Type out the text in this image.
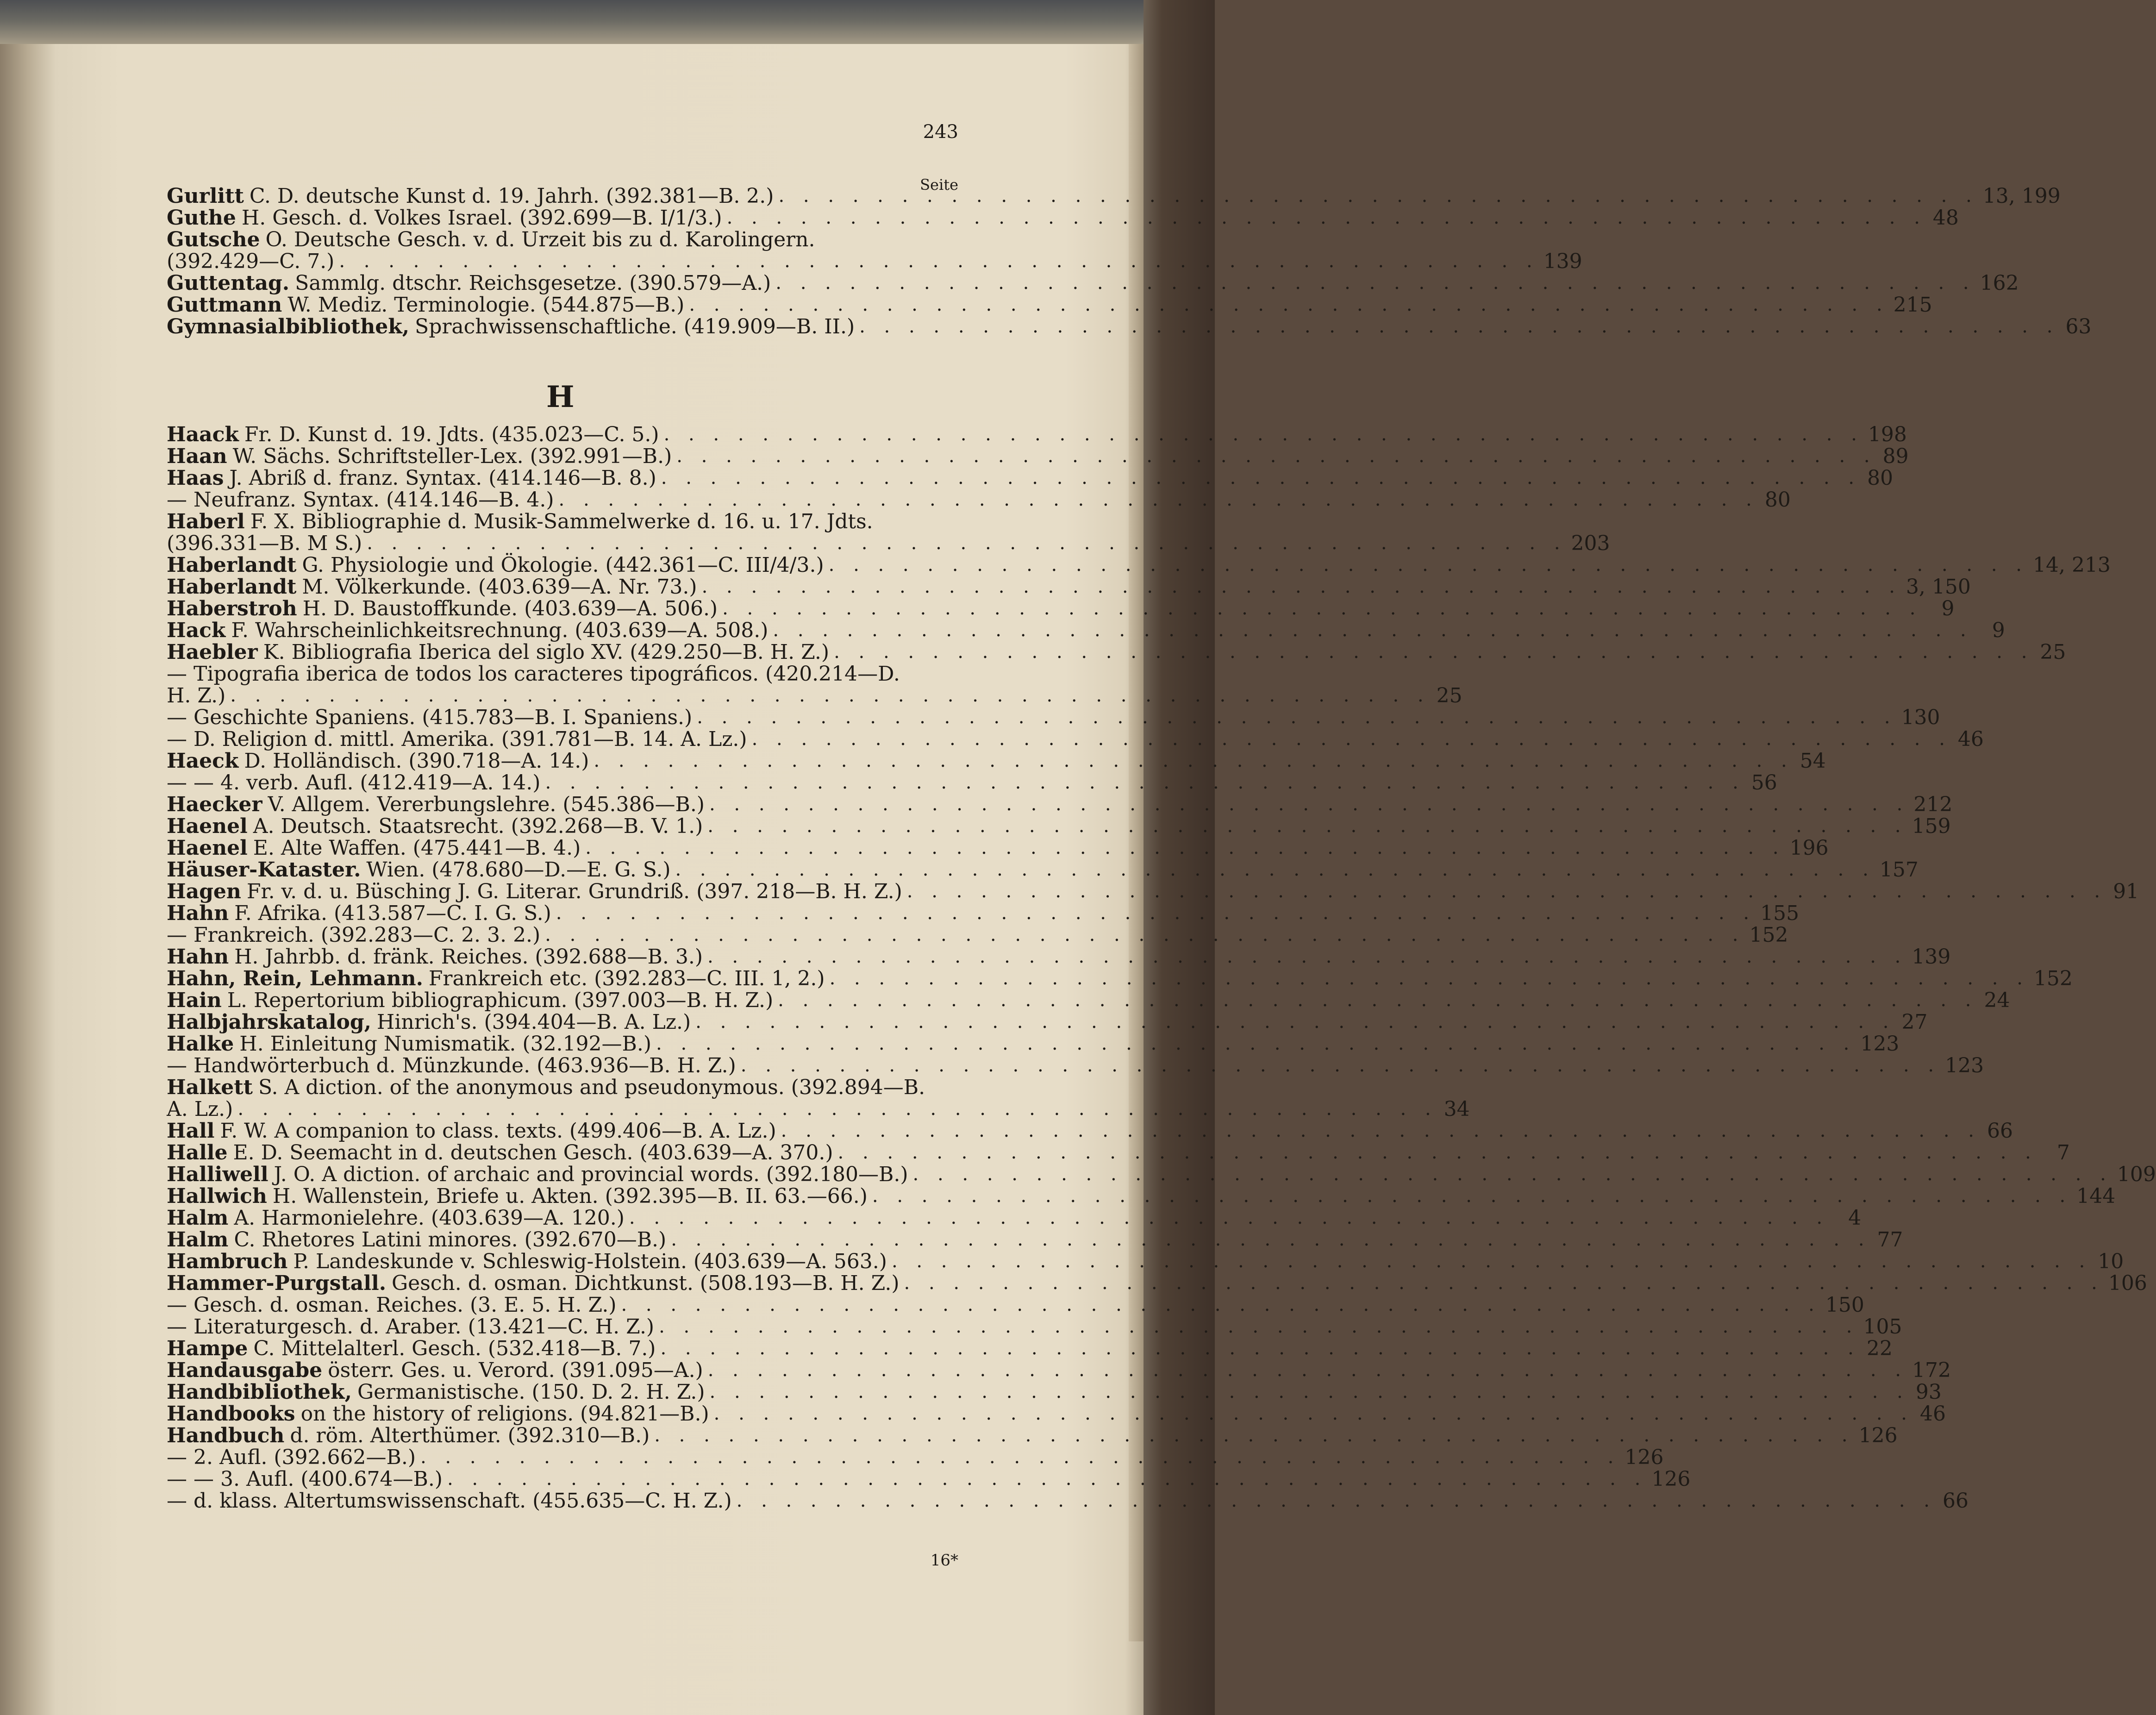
243
Seite
Gurlitt C. D. deutsche Kunst d. 19. Jahrh. (392.381—B. 2.) . . .	13, 199
Guthe H. Gesch. d. Volkes Israel. (392.699—B. I/1/3.) . . .	48
Gutsche O. Deutsche Gesch. v. d. Urzeit bis zu d. Karolingern.
(392.429—C. 7.) . . .	139
Guttentag. Sammlg. dtschr. Reichsgesetze. (390.579—A.) . . .	162
Guttmann W. Mediz. Terminologie. (544.875—B.) . . .	215
Gymnasialbibliothek, Sprachwissenschaftliche. (419.909—B. II.) . . .	63
H
Haack Fr. D. Kunst d. 19. Jdts. (435.023—C. 5.) . . .	198
Haan W. Sächs. Schriftsteller-Lex. (392.991—B.) . . .	89
Haas J. Abriß d. franz. Syntax. (414.146—B. 8.) . . .	80
— Neufranz. Syntax. (414.146—B. 4.) . . .	80
Haberl F. X. Bibliographie d. Musik-Sammelwerke d. 16. u. 17. Jdts.
(396.331—B. M S.) . . .	203
Haberlandt G. Physiologie und Ökologie. (442.361—C. III/4/3.) . . .	14, 213
Haberlandt M. Völkerkunde. (403.639—A. Nr. 73.) . . .	3, 150
Haberstroh H. D. Baustoffkunde. (403.639—A. 506.) . . .	9
Hack F. Wahrscheinlichkeitsrechnung. (403.639—A. 508.) . . .	9
Haebler K. Bibliografia Iberica del siglo XV. (429.250—B. H. Z.) . . .	25
— Tipografia iberica de todos los caracteres tipográficos. (420.214—D.
H. Z.) . . .	25
— Geschichte Spaniens. (415.783—B. I. Spaniens.) . . .	130
— D. Religion d. mittl. Amerika. (391.781—B. 14. A. Lz.) . . .	46
Haeck D. Holländisch. (390.718—A. 14.) . . .	54
— — 4. verb. Aufl. (412.419—A. 14.) . . .	56
Haecker V. Allgem. Vererbungslehre. (545.386—B.) . . .	212
Haenel A. Deutsch. Staatsrecht. (392.268—B. V. 1.) . . .	159
Haenel E. Alte Waffen. (475.441—B. 4.) . . .	196
Häuser-Kataster. Wien. (478.680—D.—E. G. S.) . . .	157
Hagen Fr. v. d. u. Büsching J. G. Literar. Grundriß. (397. 218—B. H. Z.) . . .	91
Hahn F. Afrika. (413.587—C. I. G. S.) . . .	155
— Frankreich. (392.283—C. 2. 3. 2.) . . .	152
Hahn H. Jahrbb. d. fränk. Reiches. (392.688—B. 3.) . . .	139
Hahn, Rein, Lehmann. Frankreich etc. (392.283—C. III. 1, 2.) . . .	152
Hain L. Repertorium bibliographicum. (397.003—B. H. Z.) . . .	24
Halbjahrskatalog, Hinrich's. (394.404—B. A. Lz.) . . .	27
Halke H. Einleitung Numismatik. (32.192—B.) . . .	123
— Handwörterbuch d. Münzkunde. (463.936—B. H. Z.) . . .	123
Halkett S. A diction. of the anonymous and pseudonymous. (392.894—B.
A. Lz.) . . .	34
Hall F. W. A companion to class. texts. (499.406—B. A. Lz.) . . .	66
Halle E. D. Seemacht in d. deutschen Gesch. (403.639—A. 370.) . . .	7
Halliwell J. O. A diction. of archaic and provincial words. (392.180—B.) . . .	109
Hallwich H. Wallenstein, Briefe u. Akten. (392.395—B. II. 63.—66.) . . .	144
Halm A. Harmonielehre. (403.639—A. 120.) . . .	4
Halm C. Rhetores Latini minores. (392.670—B.) . . .	77
Hambruch P. Landeskunde v. Schleswig-Holstein. (403.639—A. 563.) . . .	10
Hammer-Purgstall. Gesch. d. osman. Dichtkunst. (508.193—B. H. Z.) . . .	106
— Gesch. d. osman. Reiches. (3. E. 5. H. Z.) . . .	150
— Literaturgesch. d. Araber. (13.421—C. H. Z.) . . .	105
Hampe C. Mittelalterl. Gesch. (532.418—B. 7.) . . .	22
Handausgabe österr. Ges. u. Verord. (391.095—A.) . . .	172
Handbibliothek, Germanistische. (150. D. 2. H. Z.) . . .	93
Handbooks on the history of religions. (94.821—B.) . . .	46
Handbuch d. röm. Alterthümer. (392.310—B.) . . .	126
— 2. Aufl. (392.662—B.) . . .	126
— — 3. Aufl. (400.674—B.) . . .	126
— d. klass. Altertumswissenschaft. (455.635—C. H. Z.) . . .	66
16*
